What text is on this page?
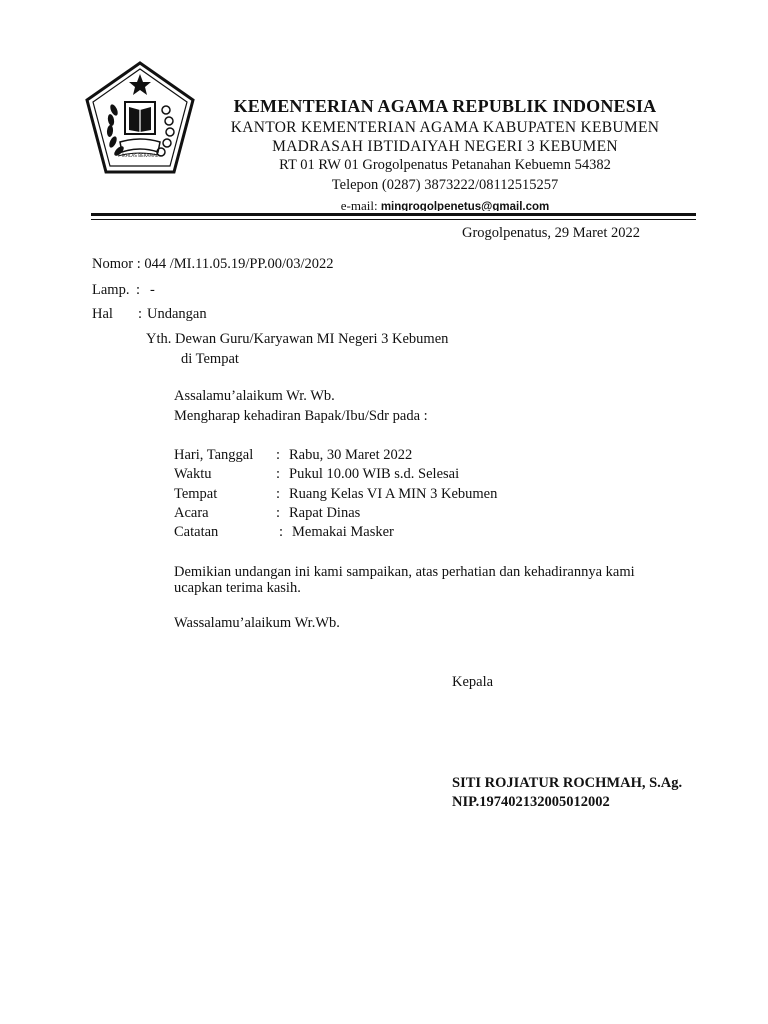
IKHLAS BERAMAL
KEMENTERIAN AGAMA REPUBLIK INDONESIA
KANTOR KEMENTERIAN AGAMA KABUPATEN KEBUMEN
MADRASAH IBTIDAIYAH NEGERI 3 KEBUMEN
RT 01 RW 01 Grogolpenatus Petanahan Kebuemn 54382
Telepon (0287) 3873222/08112515257
e-mail: mingrogolpenetus@gmail.com
Grogolpenatus, 29 Maret 2022
Nomor : 044 /MI.11.05.19/PP.00/03/2022
Lamp. : -
Hal : Undangan
Yth. Dewan Guru/Karyawan MI Negeri 3 Kebumen
di Tempat
Assalamu’alaikum Wr. Wb.
Mengharap kehadiran Bapak/Ibu/Sdr pada :
Hari, Tanggal : Rabu, 30 Maret 2022
Waktu	: Pukul 10.00 WIB s.d. Selesai
Tempat	: Ruang Kelas VI A MIN 3 Kebumen
Acara	: Rapat Dinas
Catatan	: Memakai Masker
Demikian undangan ini kami sampaikan, atas perhatian dan kehadirannya kami
ucapkan terima kasih.
Wassalamu’alaikum Wr.Wb.
Kepala
SITI ROJIATUR ROCHMAH, S.Ag.
NIP.197402132005012002
